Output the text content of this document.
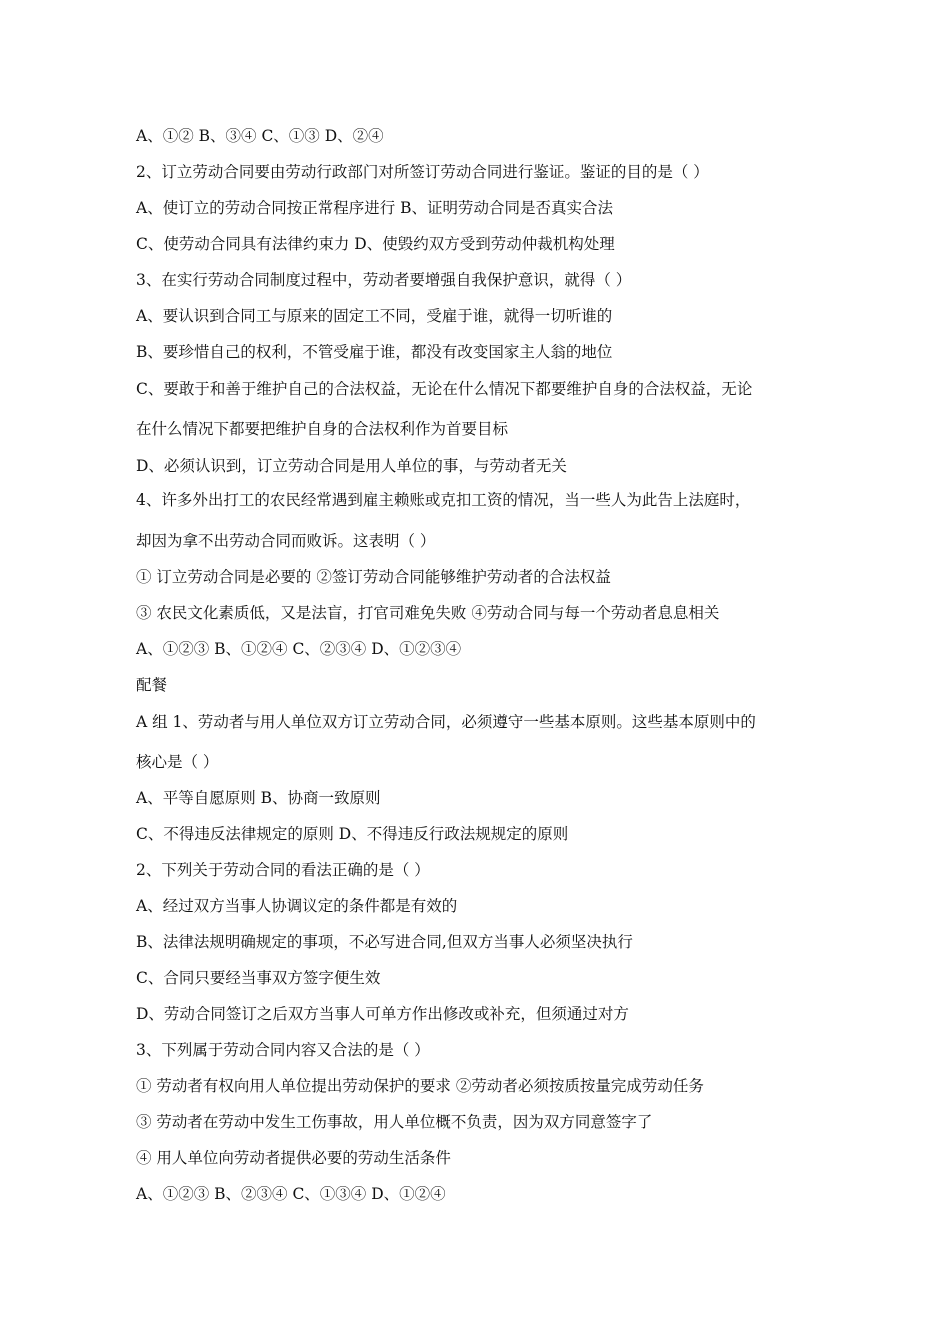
A、①② B、③④ C、①③ D、②④
2、订立劳动合同要由劳动行政部门对所签订劳动合同进行鉴证。鉴证的目的是（ ）
A、使订立的劳动合同按正常程序进行 B、证明劳动合同是否真实合法
C、使劳动合同具有法律约束力 D、使毁约双方受到劳动仲裁机构处理
3、在实行劳动合同制度过程中，劳动者要增强自我保护意识，就得（ ）
A、要认识到合同工与原来的固定工不同，受雇于谁，就得一切听谁的
B、要珍惜自己的权利，不管受雇于谁，都没有改变国家主人翁的地位
C、要敢于和善于维护自己的合法权益，无论在什么情况下都要维护自身的合法权益，无论
在什么情况下都要把维护自身的合法权利作为首要目标
D、必须认识到，订立劳动合同是用人单位的事，与劳动者无关
4、许多外出打工的农民经常遇到雇主赖账或克扣工资的情况，当一些人为此告上法庭时，
却因为拿不出劳动合同而败诉。这表明（ ）
① 订立劳动合同是必要的 ②签订劳动合同能够维护劳动者的合法权益
③ 农民文化素质低，又是法盲，打官司难免失败 ④劳动合同与每一个劳动者息息相关
A、①②③ B、①②④ C、②③④ D、①②③④
配餐
A 组 1、劳动者与用人单位双方订立劳动合同，必须遵守一些基本原则。这些基本原则中的
核心是（ ）
A、平等自愿原则 B、协商一致原则
C、不得违反法律规定的原则 D、不得违反行政法规规定的原则
2、下列关于劳动合同的看法正确的是（ ）
A、经过双方当事人协调议定的条件都是有效的
B、法律法规明确规定的事项，不必写进合同,但双方当事人必须坚决执行
C、合同只要经当事双方签字便生效
D、劳动合同签订之后双方当事人可单方作出修改或补充，但须通过对方
3、下列属于劳动合同内容又合法的是（ ）
① 劳动者有权向用人单位提出劳动保护的要求 ②劳动者必须按质按量完成劳动任务
③ 劳动者在劳动中发生工伤事故，用人单位概不负责，因为双方同意签字了
④ 用人单位向劳动者提供必要的劳动生活条件
A、①②③ B、②③④ C、①③④ D、①②④
